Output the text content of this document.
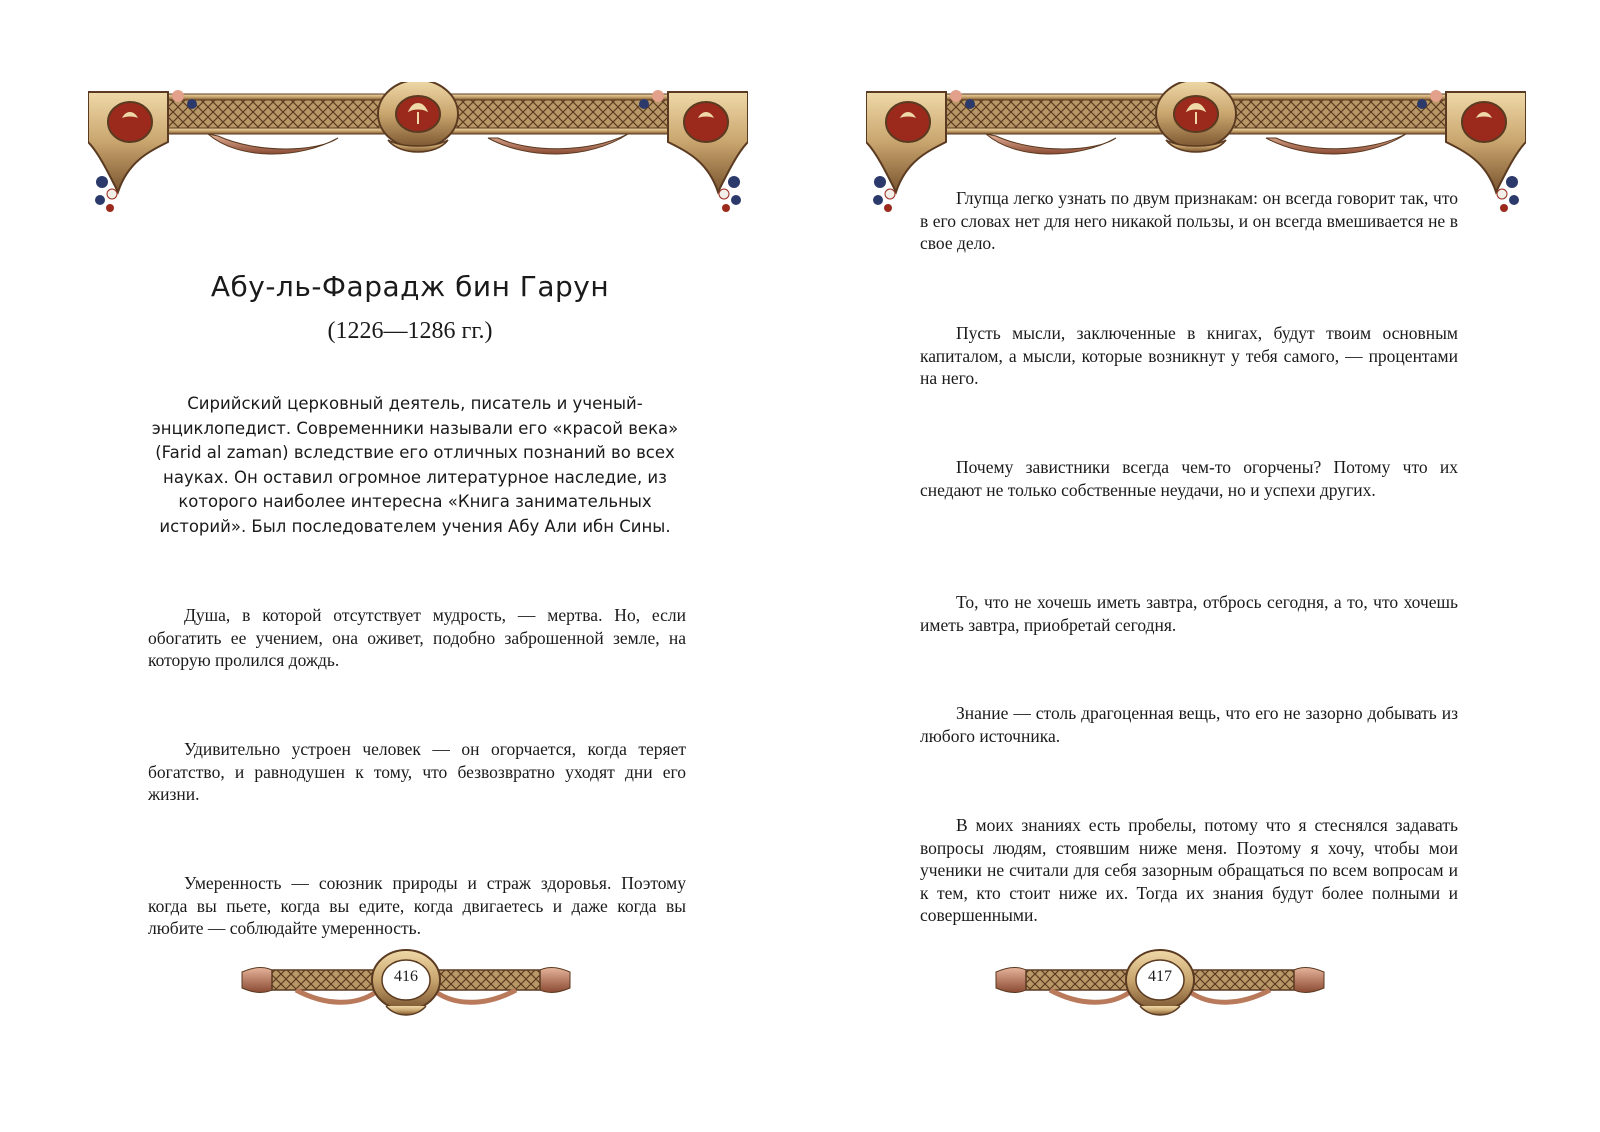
Абу-ль-Фарадж бин Гарун

(1226—1286 гг.)

Сирийский церковный деятель, писатель и ученый-энциклопедист. Современники называли его «красой века» (Farid al zaman) вследствие его отличных познаний во всех науках. Он оставил огромное литературное наследие, из которого наиболее интересна «Книга занимательных историй». Был последователем учения Абу Али ибн Сины.

Душа, в которой отсутствует мудрость, — мертва. Но, если обогатить ее учением, она оживет, подобно заброшенной земле, на которую пролился дождь.

Удивительно устроен человек — он огорчается, когда теряет богатство, и равнодушен к тому, что безвозвратно уходят дни его жизни.

Умеренность — союзник природы и страж здоровья. Поэтому когда вы пьете, когда вы едите, когда двигаетесь и даже когда вы любите — соблюдайте умеренность.

416

Глупца легко узнать по двум признакам: он всегда говорит так, что в его словах нет для него никакой пользы, и он всегда вмешивается не в свое дело.

Пусть мысли, заключенные в книгах, будут твоим основным капиталом, а мысли, которые возникнут у тебя самого, — процентами на него.

Почему завистники всегда чем-то огорчены? Потому что их снедают не только собственные неудачи, но и успехи других.

То, что не хочешь иметь завтра, отбрось сегодня, а то, что хочешь иметь завтра, приобретай сегодня.

Знание — столь драгоценная вещь, что его не зазорно добывать из любого источника.

В моих знаниях есть пробелы, потому что я стеснялся задавать вопросы людям, стоявшим ниже меня. Поэтому я хочу, чтобы мои ученики не считали для себя зазорным обращаться по всем вопросам и к тем, кто стоит ниже их. Тогда их знания будут более полными и совершенными.

417
